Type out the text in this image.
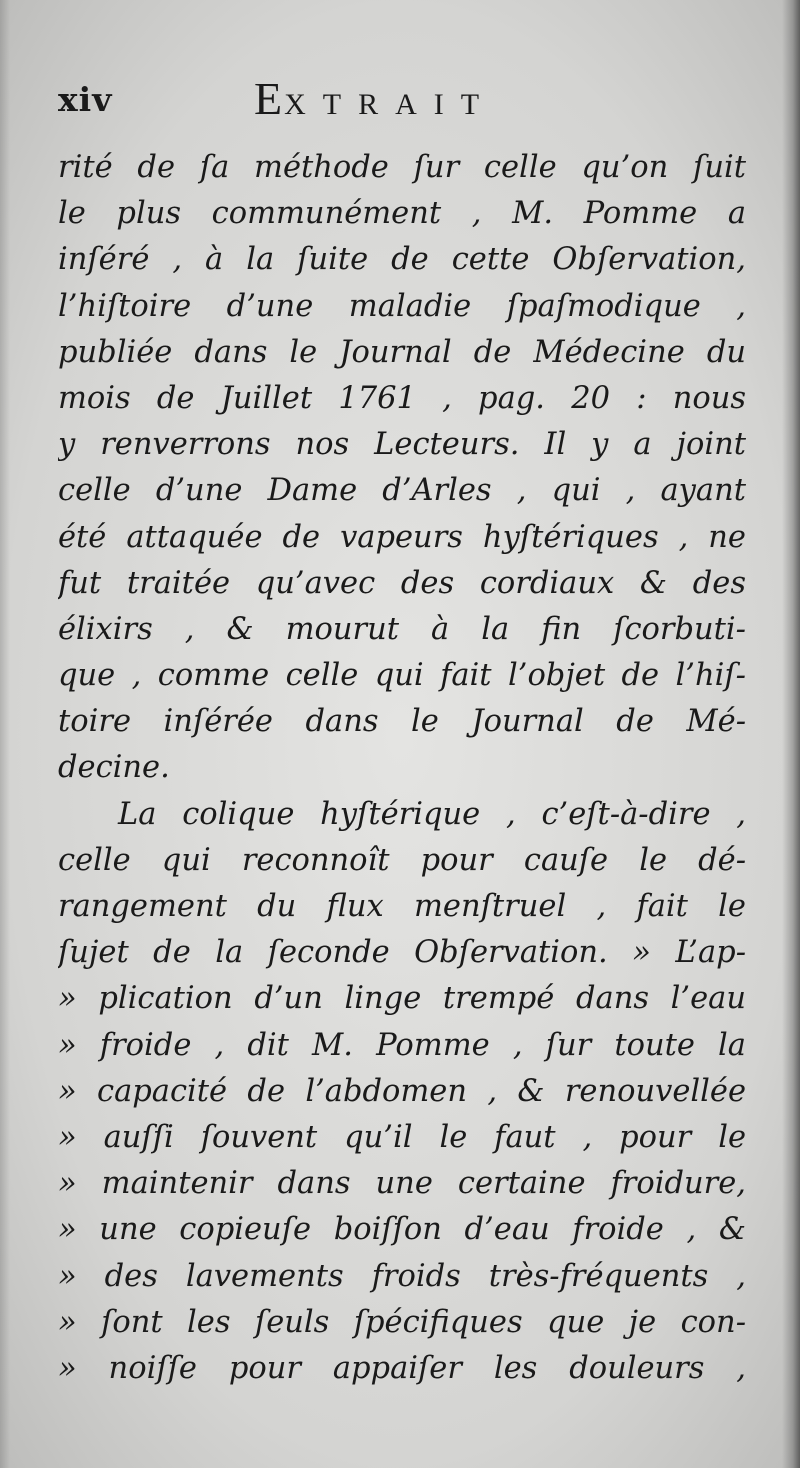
xiv	EXTRAIT
rité de ſa méthode ſur celle qu’on ſuit
le plus communément , M. Pomme a
inſéré , à la ſuite de cette Obſervation,
l’hiſtoire d’une maladie ſpaſmodique ,
publiée dans le Journal de Médecine du
mois de Juillet 1761 , pag. 20 : nous
y renverrons nos Lecteurs. Il y a joint
celle d’une Dame d’Arles , qui , ayant
été attaquée de vapeurs hyſtériques , ne
fut traitée qu’avec des cordiaux & des
élixirs , & mourut à la fin ſcorbuti-
que , comme celle qui fait l’objet de l’hiſ-
toire inſérée dans le Journal de Mé-
decine.
La colique hyſtérique , c’eſt-à-dire ,
celle qui reconnoît pour cauſe le dé-
rangement du flux menſtruel , fait le
ſujet de la ſeconde Obſervation. » L’ap-
» plication d’un linge trempé dans l’eau
» froide , dit M. Pomme , ſur toute la
» capacité de l’abdomen , & renouvellée
» auſſi ſouvent qu’il le faut , pour le
» maintenir dans une certaine froidure,
» une copieuſe boiſſon d’eau froide , &
» des lavements froids très-fréquents ,
» ſont les ſeuls ſpécifiques que je con-
» noiſſe pour appaiſer les douleurs ,
